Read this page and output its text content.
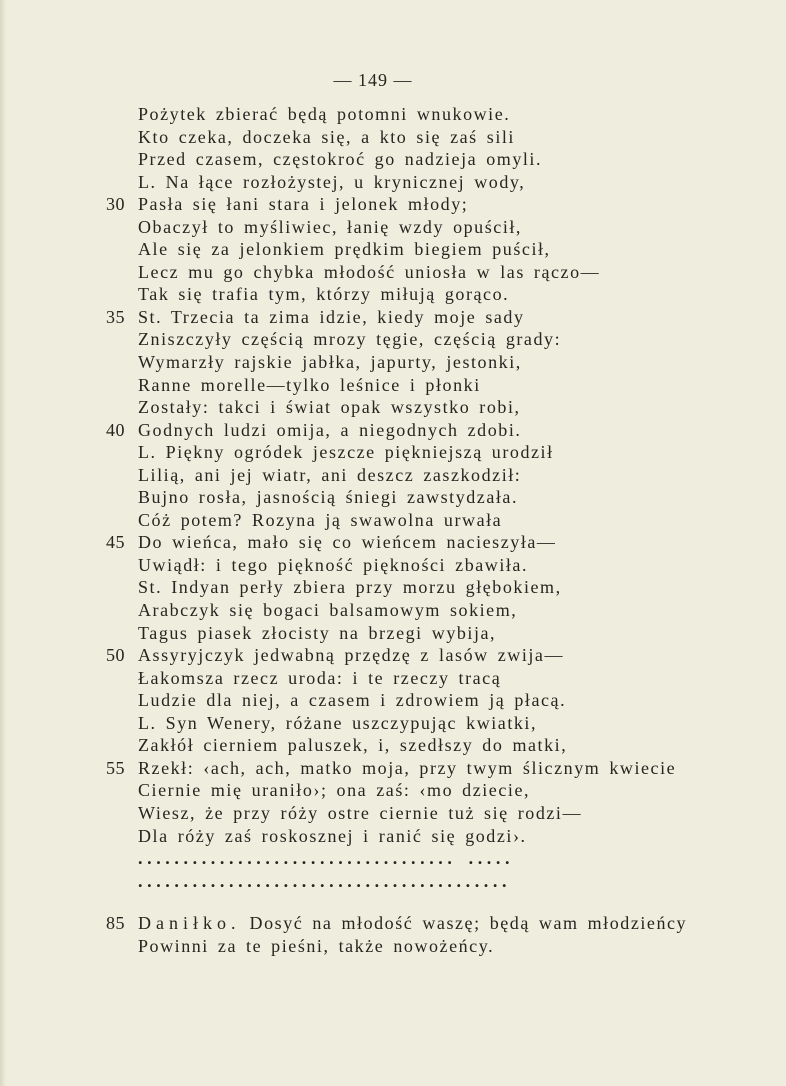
— 149 —
Pożytek zbierać będą potomni wnukowie.
Kto czeka, doczeka się, a kto się zaś sili
Przed czasem, częstokroć go nadzieja omyli.
L. Na łące rozłożystej, u krynicznej wody,
30 Pasła się łani stara i jelonek młody;
Obaczył to myśliwiec, łanię wzdy opuścił,
Ale się za jelonkiem prędkim biegiem puścił,
Lecz mu go chybka młodość uniosła w las rączo—
Tak się trafia tym, którzy miłują gorąco.
35 St. Trzecia ta zima idzie, kiedy moje sady
Zniszczyły częścią mrozy tęgie, częścią grady:
Wymarzły rajskie jabłka, japurty, jestonki,
Ranne morelle—tylko leśnice i płonki
Zostały: takci i świat opak wszystko robi,
40 Godnych ludzi omija, a niegodnych zdobi.
L. Piękny ogródek jeszcze piękniejszą urodził
Lilią, ani jej wiatr, ani deszcz zaszkodził:
Bujno rosła, jasnością śniegi zawstydzała.
Cóż potem? Rozyna ją swawolna urwała
45 Do wieńca, mało się co wieńcem nacieszyła—
Uwiądł: i tego piękność piękności zbawiła.
St. Indyan perły zbiera przy morzu głębokiem,
Arabczyk się bogaci balsamowym sokiem,
Tagus piasek złocisty na brzegi wybija,
50 Assyryjczyk jedwabną przędzę z lasów zwija—
Łakomsza rzecz uroda: i te rzeczy tracą
Ludzie dla niej, a czasem i zdrowiem ją płacą.
L. Syn Wenery, różane uszczypując kwiatki,
Zakłół cierniem paluszek, i, szedłszy do matki,
55 Rzekł: ‹ach, ach, matko moja, przy twym ślicznym kwiecie
Ciernie mię uraniło›; ona zaś: ‹mo dziecie,
Wiesz, że przy róży ostre ciernie tuż się rodzi—
Dla róży zaś roskosznej i ranić się godzi›.
................................... .....
.........................................
85 Daniłko. Dosyć na młodość waszę; będą wam młodzieńcy
Powinni za te pieśni, także nowożeńcy.
